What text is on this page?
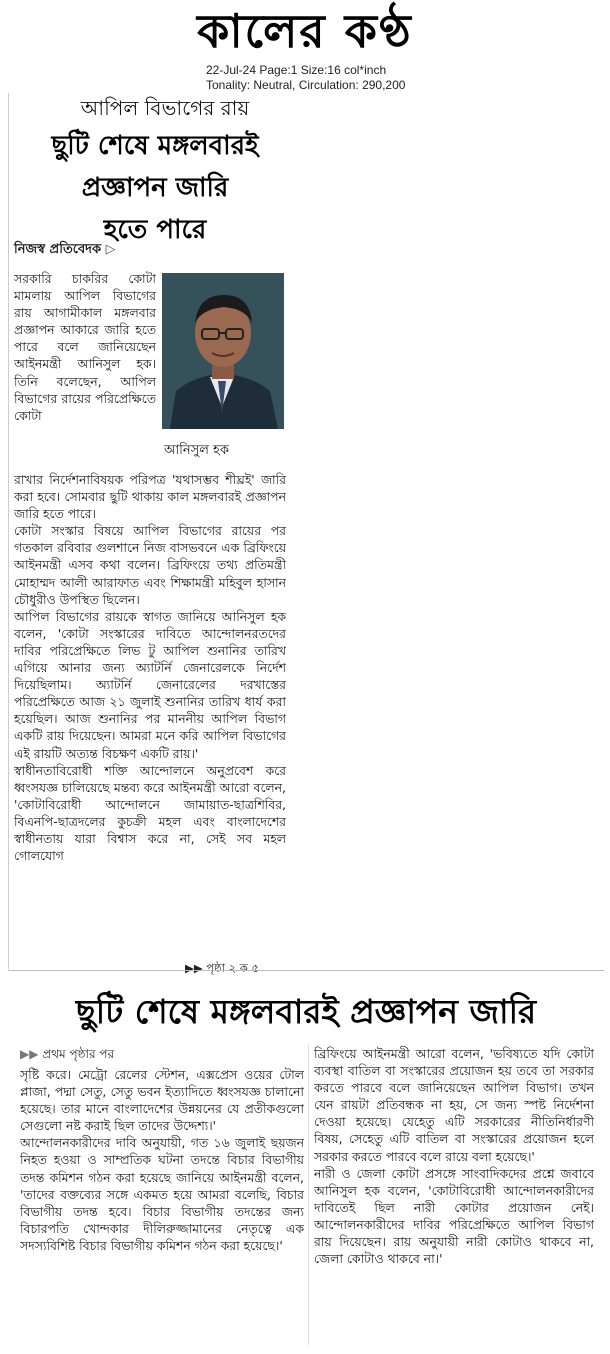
কালের কণ্ঠ
22-Jul-24 Page:1 Size:16 col*inch
Tonality: Neutral, Circulation: 290,200
আপিল বিভাগের রায়
ছুটি শেষে মঙ্গলবারই
প্রজ্ঞাপন জারি
হতে পারে
নিজস্ব প্রতিবেদক ▷

সরকারি চাকরির কোটা মামলায় আপিল বিভাগের রায় আগামীকাল মঙ্গলবার প্রজ্ঞাপন আকারে জারি হতে পারে বলে জানিয়েছেন আইনমন্ত্রী আনিসুল হক। তিনি বলেছেন, আপিল বিভাগের রায়ের পরিপ্রেক্ষিতে কোটা

আনিসুল হক

রাখার নির্দেশনাবিষয়ক পরিপত্র 'যথাসম্ভব শীঘ্রই' জারি করা হবে। সোমবার ছুটি থাকায় কাল মঙ্গলবারই প্রজ্ঞাপন জারি হতে পারে।

কোটা সংস্কার বিষয়ে আপিল বিভাগের রায়ের পর গতকাল রবিবার গুলশানে নিজ বাসভবনে এক ব্রিফিংয়ে আইনমন্ত্রী এসব কথা বলেন। ব্রিফিংয়ে তথ্য প্রতিমন্ত্রী মোহাম্মদ আলী আরাফাত এবং শিক্ষামন্ত্রী মহিবুল হাসান চৌধুরীও উপস্থিত ছিলেন।

আপিল বিভাগের রায়কে স্বাগত জানিয়ে আনিসুল হক বলেন, 'কোটা সংস্কারের দাবিতে আন্দোলনরতদের দাবির পরিপ্রেক্ষিতে লিভ টু আপিল শুনানির তারিখ এগিয়ে আনার জন্য অ্যাটর্নি জেনারেলকে নির্দেশ দিয়েছিলাম। অ্যাটর্নি জেনারেলের দরখাস্তের পরিপ্রেক্ষিতে আজ ২১ জুলাই শুনানির তারিখ ধার্য করা হয়েছিল। আজ শুনানির পর মাননীয় আপিল বিভাগ একটি রায় দিয়েছেন। আমরা মনে করি আপিল বিভাগের এই রায়টি অত্যন্ত বিচক্ষণ একটি রায়।'

স্বাধীনতাবিরোধী শক্তি আন্দোলনে অনুপ্রবেশ করে ধ্বংসযজ্ঞ চালিয়েছে মন্তব্য করে আইনমন্ত্রী আরো বলেন, 'কোটাবিরোধী আন্দোলনে জামায়াত-ছাত্রশিবির, বিএনপি-ছাত্রদলের কুচক্রী মহল এবং বাংলাদেশের স্বাধীনতায় যারা বিশ্বাস করে না, সেই সব মহল গোলযোগ

▶▶ পৃষ্ঠা ২ ক ৫
ছুটি শেষে মঙ্গলবারই প্রজ্ঞাপন জারি
▶▶ প্রথম পৃষ্ঠার পর

সৃষ্টি করে। মেট্রো রেলের স্টেশন, এক্সপ্রেস ওয়ের টোল প্লাজা, পদ্মা সেতু, সেতু ভবন ইত্যাদিতে ধ্বংসযজ্ঞ চালানো হয়েছে। তার মানে বাংলাদেশের উন্নয়নের যে প্রতীকগুলো সেগুলো নষ্ট করাই ছিল তাদের উদ্দেশ্য।'

আন্দোলনকারীদের দাবি অনুযায়ী, গত ১৬ জুলাই ছয়জন নিহত হওয়া ও সাম্প্রতিক ঘটনা তদন্তে বিচার বিভাগীয় তদন্ত কমিশন গঠন করা হয়েছে জানিয়ে আইনমন্ত্রী বলেন, 'তাদের বক্তব্যের সঙ্গে একমত হয়ে আমরা বলেছি, বিচার বিভাগীয় তদন্ত হবে। বিচার বিভাগীয় তদন্তের জন্য বিচারপতি খোন্দকার দীলিরুজ্জামানের নেতৃত্বে এক সদস্যবিশিষ্ট বিচার বিভাগীয় কমিশন গঠন করা হয়েছে।'

ব্রিফিংয়ে আইনমন্ত্রী আরো বলেন, 'ভবিষ্যতে যদি কোটা ব্যবস্থা বাতিল বা সংস্কারের প্রয়োজন হয় তবে তা সরকার করতে পারবে বলে জানিয়েছেন আপিল বিভাগ। তখন যেন রায়টা প্রতিবন্ধক না হয়, সে জন্য স্পষ্ট নির্দেশনা দেওয়া হয়েছে। যেহেতু এটি সরকারের নীতিনির্ধারণী বিষয়, সেহেতু এটি বাতিল বা সংস্কারের প্রয়োজন হলে সরকার করতে পারবে বলে রায়ে বলা হয়েছে।'

নারী ও জেলা কোটা প্রসঙ্গে সাংবাদিকদের প্রশ্নে জবাবে আনিসুল হক বলেন, 'কোটাবিরোধী আন্দোলনকারীদের দাবিতেই ছিল নারী কোটার প্রয়োজন নেই। আন্দোলনকারীদের দাবির পরিপ্রেক্ষিতে আপিল বিভাগ রায় দিয়েছেন। রায় অনুযায়ী নারী কোটাও থাকবে না, জেলা কোটাও থাকবে না।'
